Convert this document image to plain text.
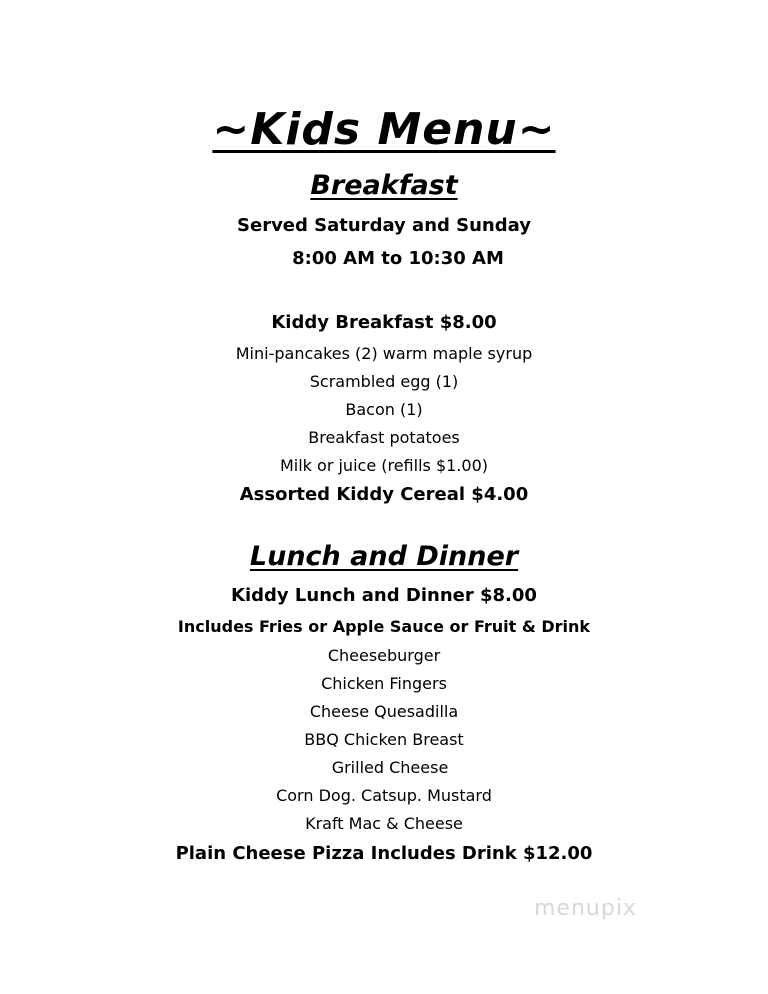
~Kids Menu~
Breakfast
Served Saturday and Sunday
8:00 AM to 10:30 AM
Kiddy Breakfast $8.00
Mini-pancakes (2) warm maple syrup
Scrambled egg (1)
Bacon (1)
Breakfast potatoes
Milk or juice (refills $1.00)
Assorted Kiddy Cereal $4.00
Lunch and Dinner
Kiddy Lunch and Dinner $8.00
Includes Fries or Apple Sauce or Fruit & Drink
Cheeseburger
Chicken Fingers
Cheese Quesadilla
BBQ Chicken Breast
Grilled Cheese
Corn Dog. Catsup. Mustard
Kraft Mac & Cheese
Plain Cheese Pizza Includes Drink $12.00
menupix
